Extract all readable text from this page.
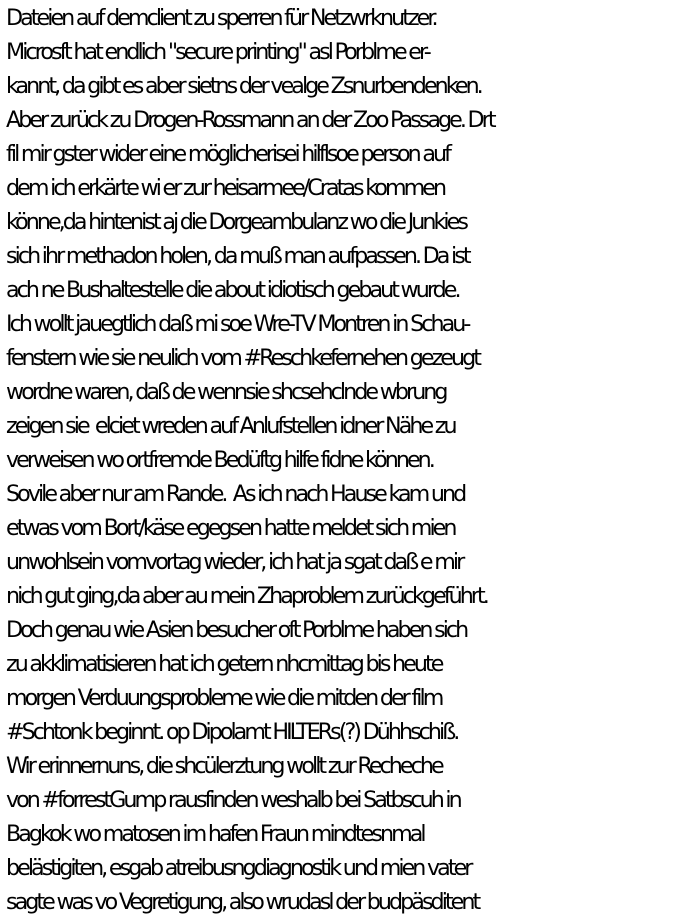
Dateien auf demclient zu sperren für Netzwrknutzer.
Microsft hat endlich "secure printing" asl Porblme er-
kannt, da gibt es aber sietns der vealge Zsnurbendenken.
Aber zurück zu Drogen-Rossmann an der Zoo Passage. Drt
fil mir gster wider eine möglicherisei hilflsoe person auf
dem ich erkärte wi er zur heisarmee/Cratas kommen
könne,da hintenist aj die Dorgeambulanz wo die Junkies
sich ihr methadon holen, da muß man aufpassen. Da ist
ach ne Bushaltestelle die about idiotisch gebaut wurde.
Ich wollt jauegtlich daß mi soe Wre-TV Montren in Schau-
fenstern wie sie neulich vom #Reschkefernehen gezeugt
wordne waren, daß de wennsie shcsehclnde wbrung
zeigen sie  elciet wreden auf Anlufstellen idner Nähe zu
verweisen wo ortfremde Bedüftg hilfe fidne können.
Sovile aber nur am Rande.  As ich nach Hause kam und
etwas vom Bort/käse egegsen hatte meldet sich mien
unwohlsein vomvortag wieder, ich hat ja sgat daß e mir
nich gut ging,da aber au mein Zhaproblem zurückgeführt.
Doch genau wie Asien besucher oft Porblme haben sich
zu akklimatisieren hat ich getern nhcmittag bis heute
morgen Verduungsprobleme wie die mitden der film
#Schtonk beginnt. op Dipolamt HILTERs(?) Dühhschiß.
Wir erinnernuns, die shcülerztung wollt zur Recheche
von #forrestGump rausfinden weshalb bei Satbscuh in
Bagkok wo matosen im hafen Fraun mindtesnmal
belästigiten, esgab atreibusngdiagnostik und mien vater
sagte was vo Vegretigung, also wrudasl der budpäsditent
